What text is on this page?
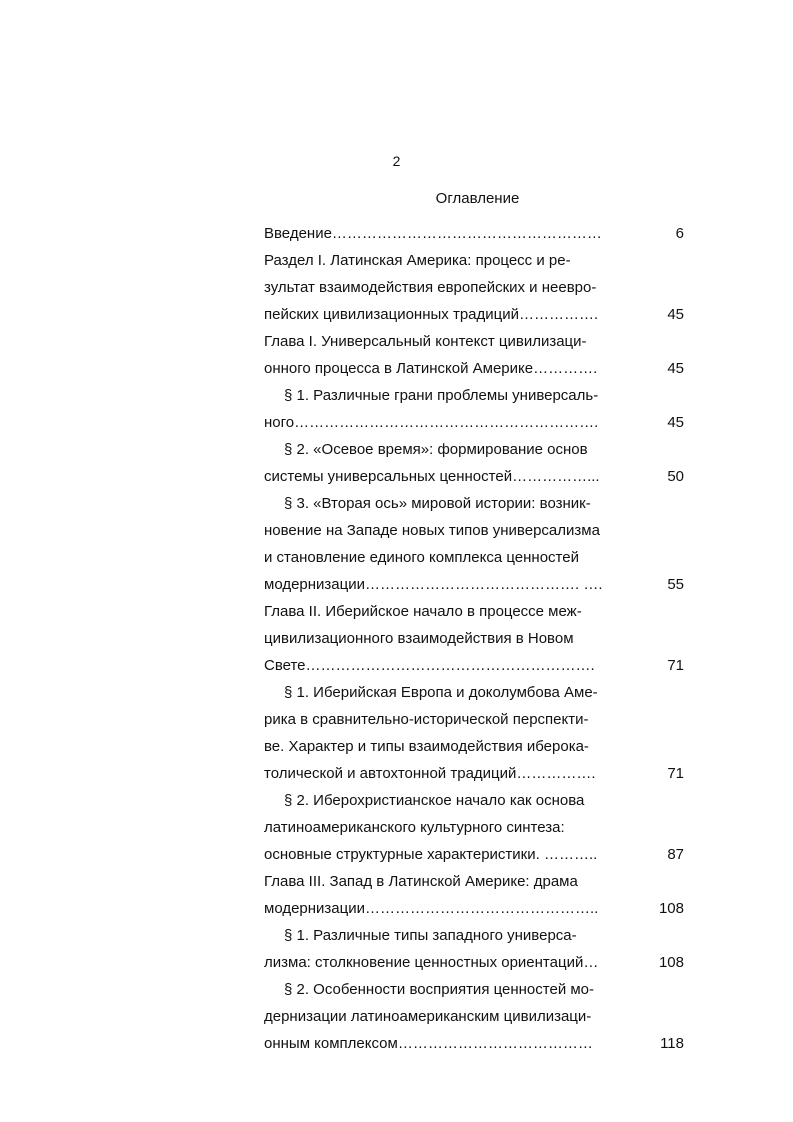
2
Оглавление
Введение………………………………………………	6
Раздел I. Латинская Америка: процесс и ре-
зультат взаимодействия европейских и неевро-
пейских цивилизационных традиций…………….	45
Глава I. Универсальный контекст цивилизаци-
онного процесса в Латинской Америке………….	45
§ 1. Различные грани проблемы универсаль-
ного…………………………………………………….	45
§ 2. «Осевое время»: формирование основ
системы универсальных ценностей……………...	50
§ 3. «Вторая ось» мировой истории: возник-
новение на Западе новых типов универсализма
и становление единого комплекса ценностей
модернизации……………………………………. ….	55
Глава II. Иберийское начало в процессе меж-
цивилизационного взаимодействия в Новом
Свете………………………………………………….	71
§ 1. Иберийская Европа и доколумбова Аме-
рика в сравнительно-исторической перспекти-
ве. Характер и типы взаимодействия иберока-
толической и автохтонной традиций…………….	71
§ 2. Иберохристианское начало как основа
латиноамериканского культурного синтеза:
основные структурные характеристики. ………..	87
Глава III. Запад в Латинской Америке: драма
модернизации………………………………………..	108
§ 1. Различные типы западного универса-
лизма: столкновение ценностных ориентаций…	108
§ 2. Особенности восприятия ценностей мо-
дернизации латиноамериканским цивилизаци-
онным комплексом…………………………………	118
